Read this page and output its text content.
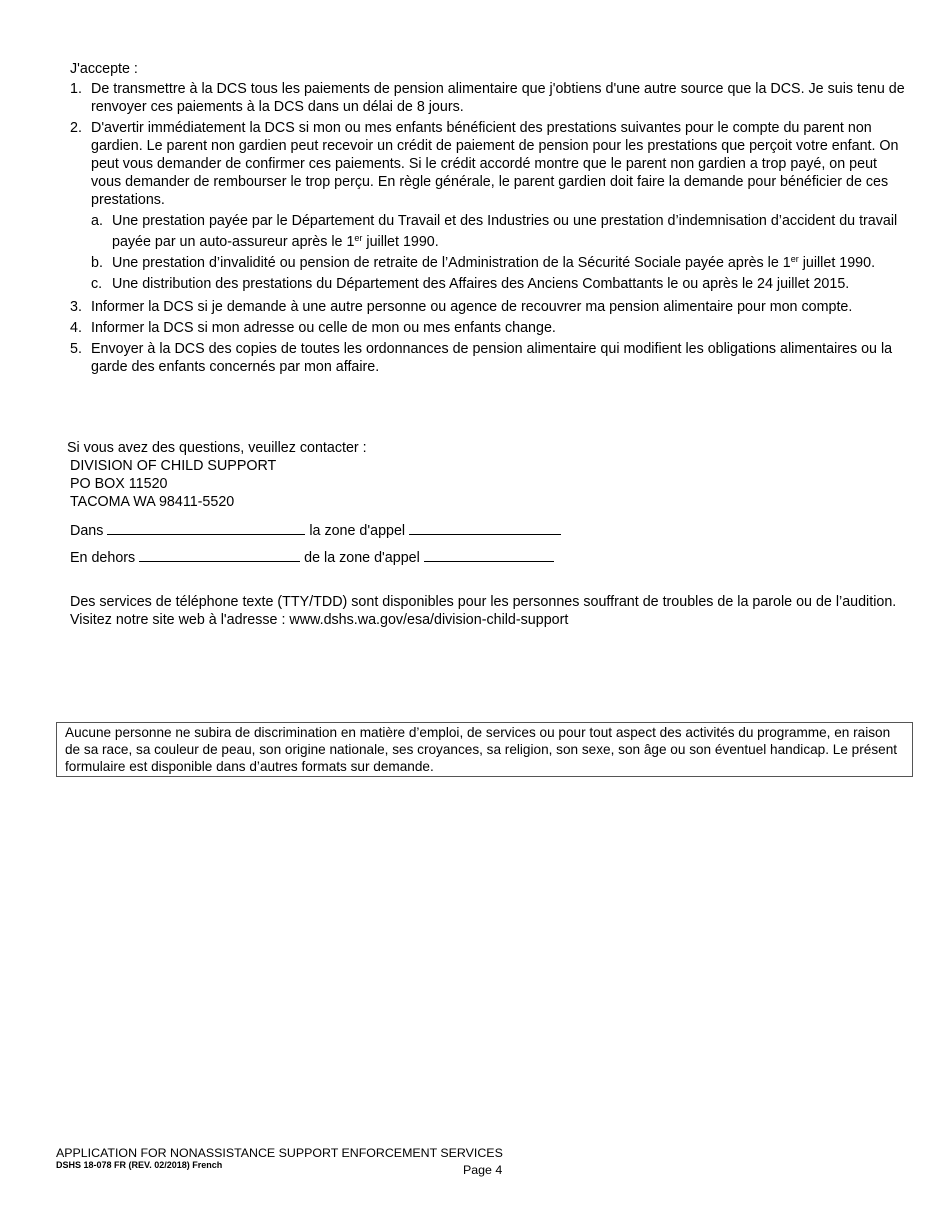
J'accepte :
1. De transmettre à la DCS tous les paiements de pension alimentaire que j'obtiens d'une autre source que la DCS. Je suis tenu de renvoyer ces paiements à la DCS dans un délai de 8 jours.
2. D'avertir immédiatement la DCS si mon ou mes enfants bénéficient des prestations suivantes pour le compte du parent non gardien. Le parent non gardien peut recevoir un crédit de paiement de pension pour les prestations que perçoit votre enfant. On peut vous demander de confirmer ces paiements. Si le crédit accordé montre que le parent non gardien a trop payé, on peut vous demander de rembourser le trop perçu. En règle générale, le parent gardien doit faire la demande pour bénéficier de ces prestations.
a. Une prestation payée par le Département du Travail et des Industries ou une prestation d’indemnisation d’accident du travail payée par un auto-assureur après le 1er juillet 1990.
b. Une prestation d’invalidité ou pension de retraite de l’Administration de la Sécurité Sociale payée après le 1er juillet 1990.
c. Une distribution des prestations du Département des Affaires des Anciens Combattants le ou après le 24 juillet 2015.
3. Informer la DCS si je demande à une autre personne ou agence de recouvrer ma pension alimentaire pour mon compte.
4. Informer la DCS si mon adresse ou celle de mon ou mes enfants change.
5. Envoyer à la DCS des copies de toutes les ordonnances de pension alimentaire qui modifient les obligations alimentaires ou la garde des enfants concernés par mon affaire.
Si vous avez des questions, veuillez contacter :
DIVISION OF CHILD SUPPORT
PO BOX 11520
TACOMA WA 98411-5520
Dans	la zone d'appel
En dehors	de la zone d'appel
Des services de téléphone texte (TTY/TDD) sont disponibles pour les personnes souffrant de troubles de la parole ou de l’audition.
Visitez notre site web à l'adresse : www.dshs.wa.gov/esa/division-child-support
Aucune personne ne subira de discrimination en matière d’emploi, de services ou pour tout aspect des activités du programme, en raison de sa race, sa couleur de peau, son origine nationale, ses croyances, sa religion, son sexe, son âge ou son éventuel handicap. Le présent formulaire est disponible dans d’autres formats sur demande.
APPLICATION FOR NONASSISTANCE SUPPORT ENFORCEMENT SERVICES
DSHS 18-078 FR (REV. 02/2018) French	Page 4
